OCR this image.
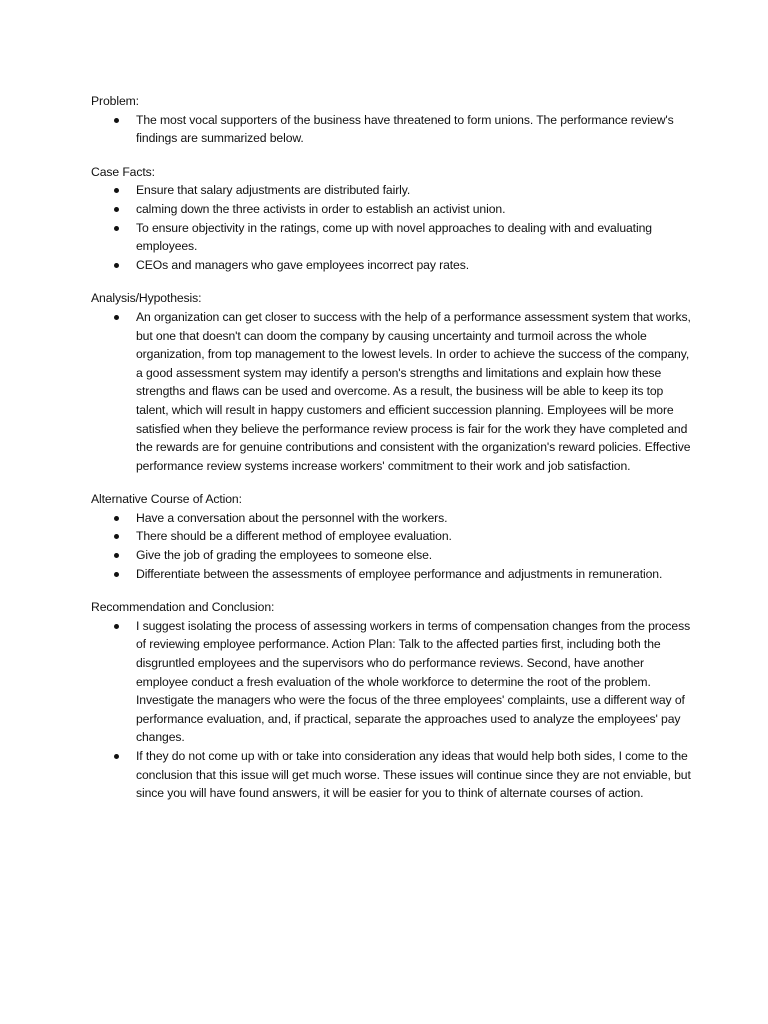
Problem:

The most vocal supporters of the business have threatened to form unions. The performance review's findings are summarized below.

Case Facts:

Ensure that salary adjustments are distributed fairly.
calming down the three activists in order to establish an activist union.
To ensure objectivity in the ratings, come up with novel approaches to dealing with and evaluating employees.
CEOs and managers who gave employees incorrect pay rates.

Analysis/Hypothesis:

An organization can get closer to success with the help of a performance assessment system that works, but one that doesn't can doom the company by causing uncertainty and turmoil across the whole organization, from top management to the lowest levels. In order to achieve the success of the company, a good assessment system may identify a person's strengths and limitations and explain how these strengths and flaws can be used and overcome. As a result, the business will be able to keep its top talent, which will result in happy customers and efficient succession planning. Employees will be more satisfied when they believe the performance review process is fair for the work they have completed and the rewards are for genuine contributions and consistent with the organization's reward policies. Effective performance review systems increase workers' commitment to their work and job satisfaction.

Alternative Course of Action:

Have a conversation about the personnel with the workers.
There should be a different method of employee evaluation.
Give the job of grading the employees to someone else.
Differentiate between the assessments of employee performance and adjustments in remuneration.

Recommendation and Conclusion:

I suggest isolating the process of assessing workers in terms of compensation changes from the process of reviewing employee performance. Action Plan: Talk to the affected parties first, including both the disgruntled employees and the supervisors who do performance reviews. Second, have another employee conduct a fresh evaluation of the whole workforce to determine the root of the problem. Investigate the managers who were the focus of the three employees' complaints, use a different way of performance evaluation, and, if practical, separate the approaches used to analyze the employees' pay changes.
If they do not come up with or take into consideration any ideas that would help both sides, I come to the conclusion that this issue will get much worse. These issues will continue since they are not enviable, but since you will have found answers, it will be easier for you to think of alternate courses of action.
